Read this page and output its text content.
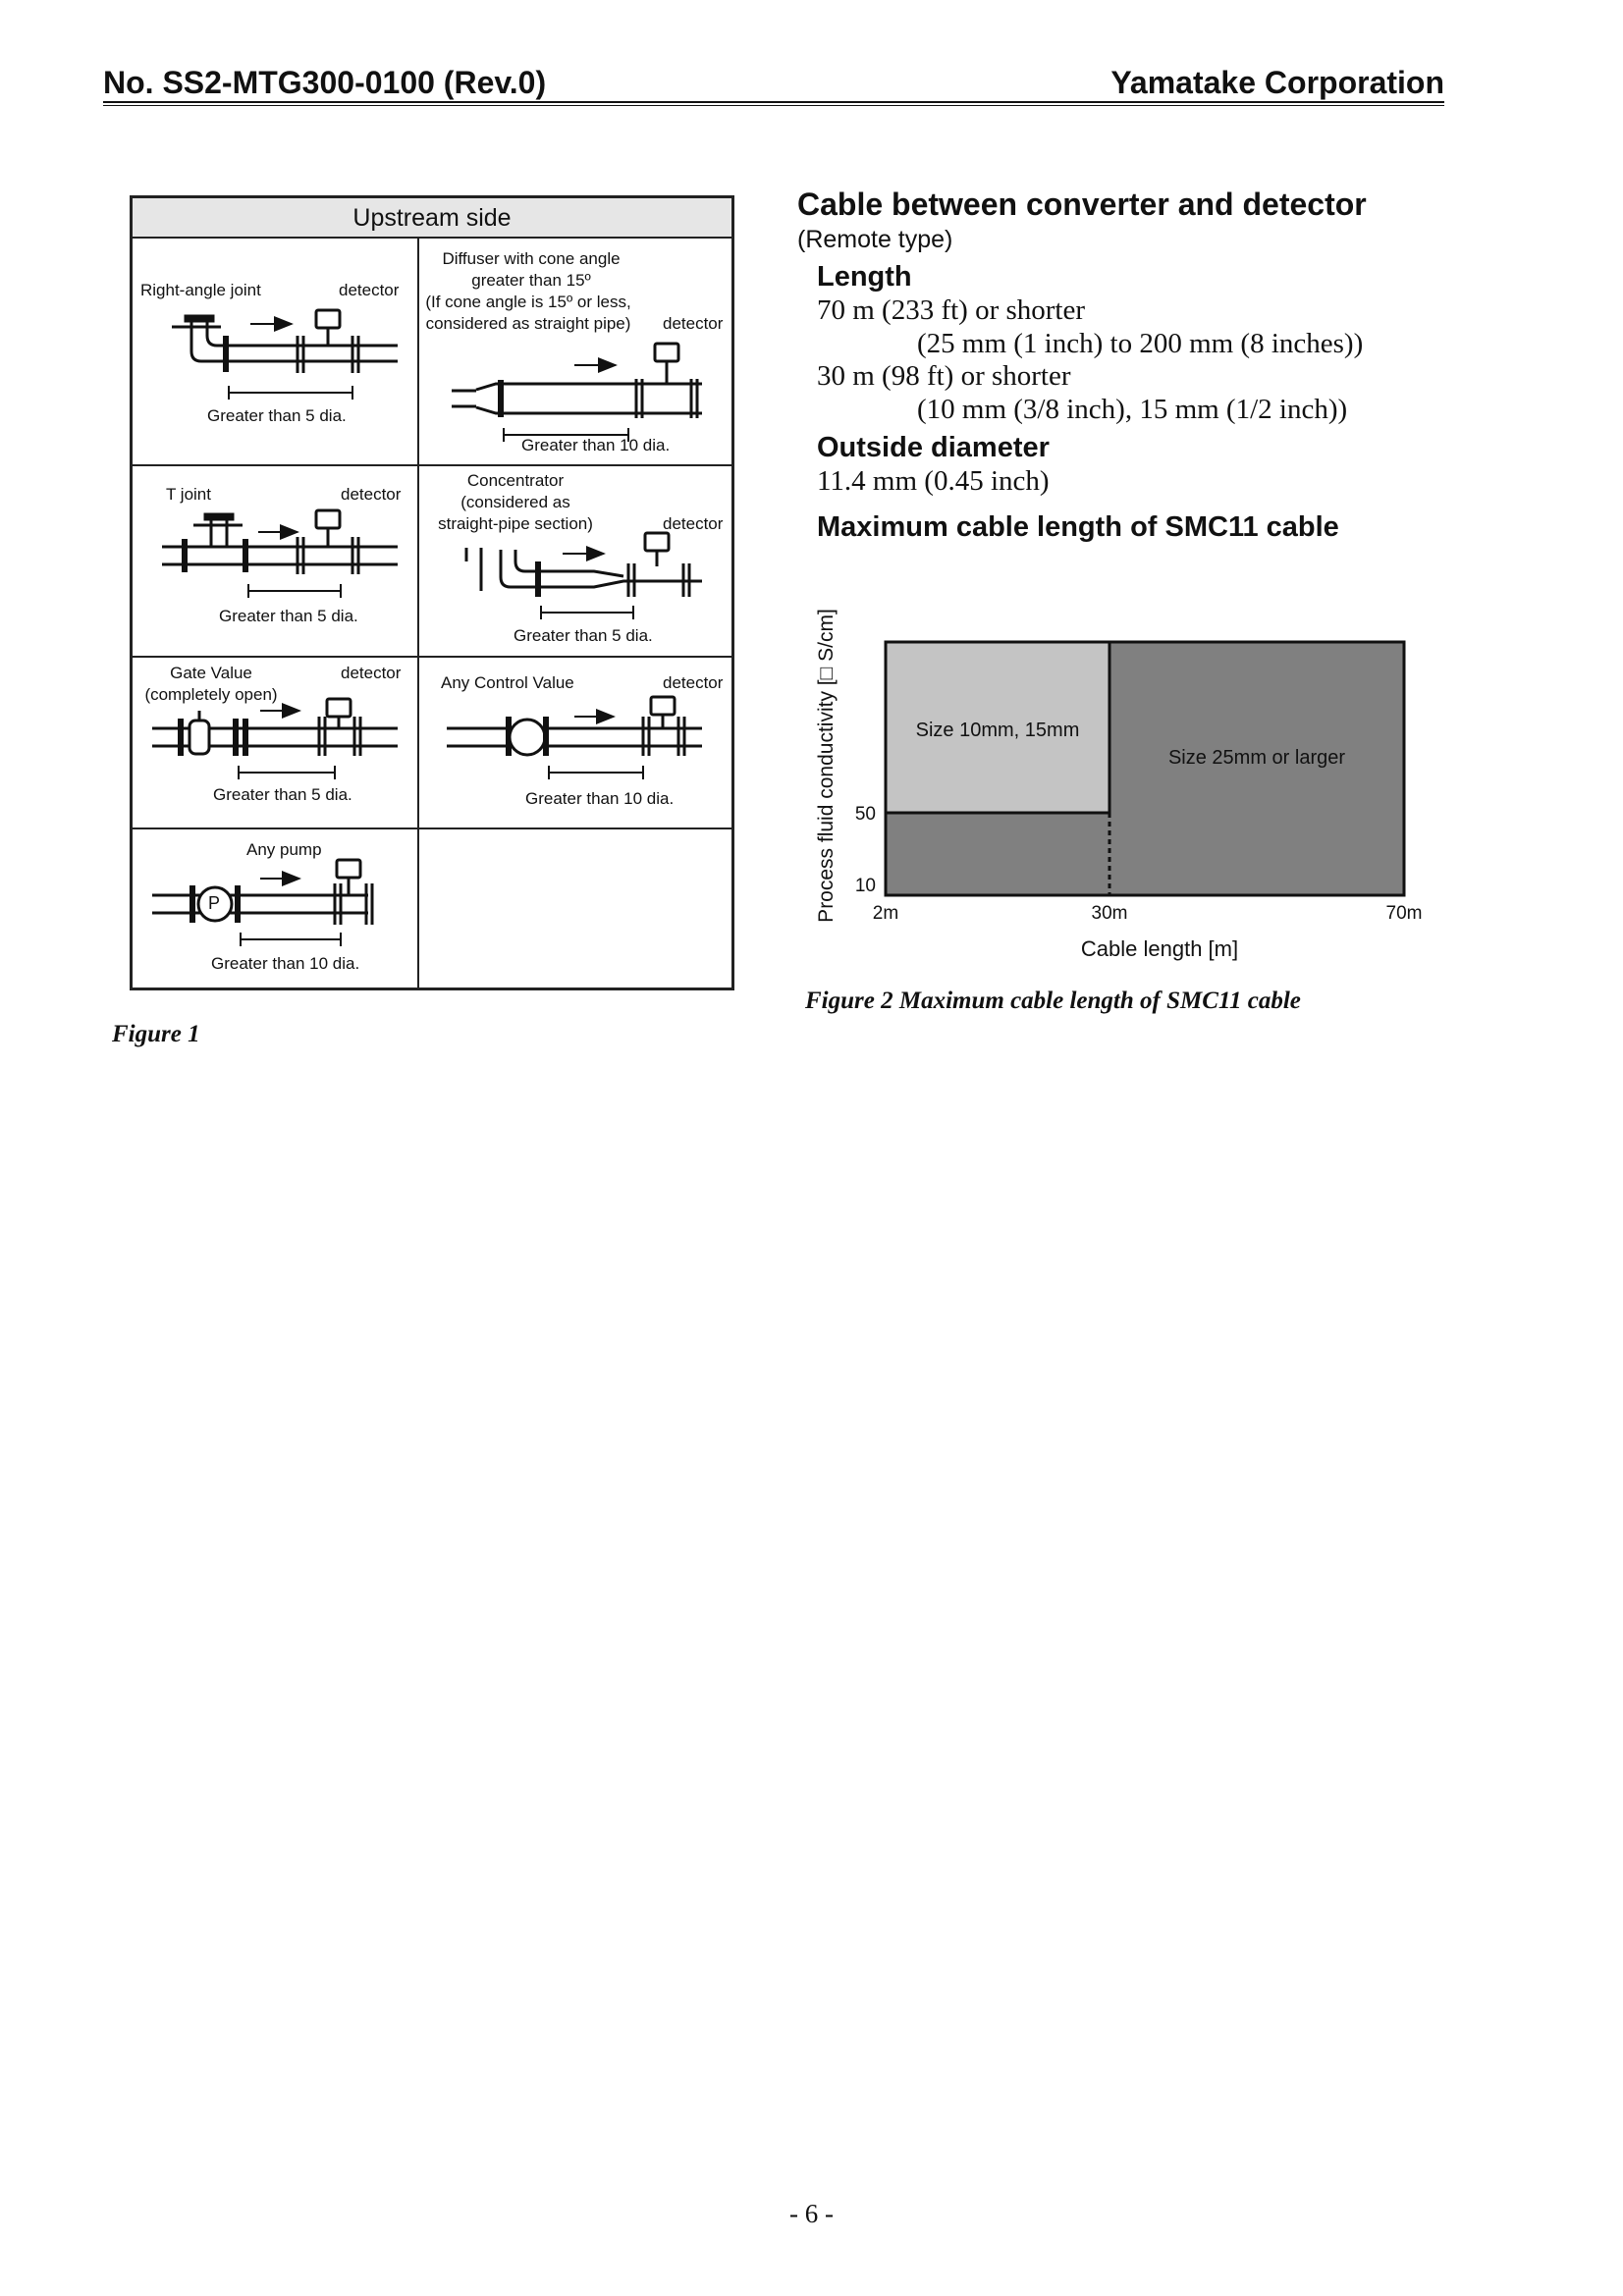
No. SS2-MTG300-0100 (Rev.0)	Yamatake Corporation
Upstream side
Right-angle joint	detector
Greater than 5 dia.
Diffuser with cone angle
greater than 15º
(If cone angle is 15º or less,
considered as straight pipe)	detector
Greater than 10 dia.
T joint	detector
Greater than 5 dia.
Concentrator
(considered as
straight-pipe section)	detector
Greater than 5 dia.
Gate Value
(completely open)
detector
Greater than 5 dia.
Any Control Value	detector
Greater than 10 dia.
Any pump
P
Greater than 10 dia.
Figure 1
Cable between converter and detector
(Remote type)
Length
70 m (233 ft) or shorter
(25 mm (1 inch) to 200 mm (8 inches))
30 m (98 ft) or shorter
(10 mm (3/8 inch), 15 mm (1/2 inch))
Outside diameter
11.4 mm (0.45 inch)
Maximum cable length of SMC11 cable
Size 25mm or larger
Size 10mm, 15mm
2m	30m	70m
10
50
Cable length [m]
Process fluid conductivity [□ S/cm]
Figure 2 Maximum cable length of SMC11 cable
- 6 -
